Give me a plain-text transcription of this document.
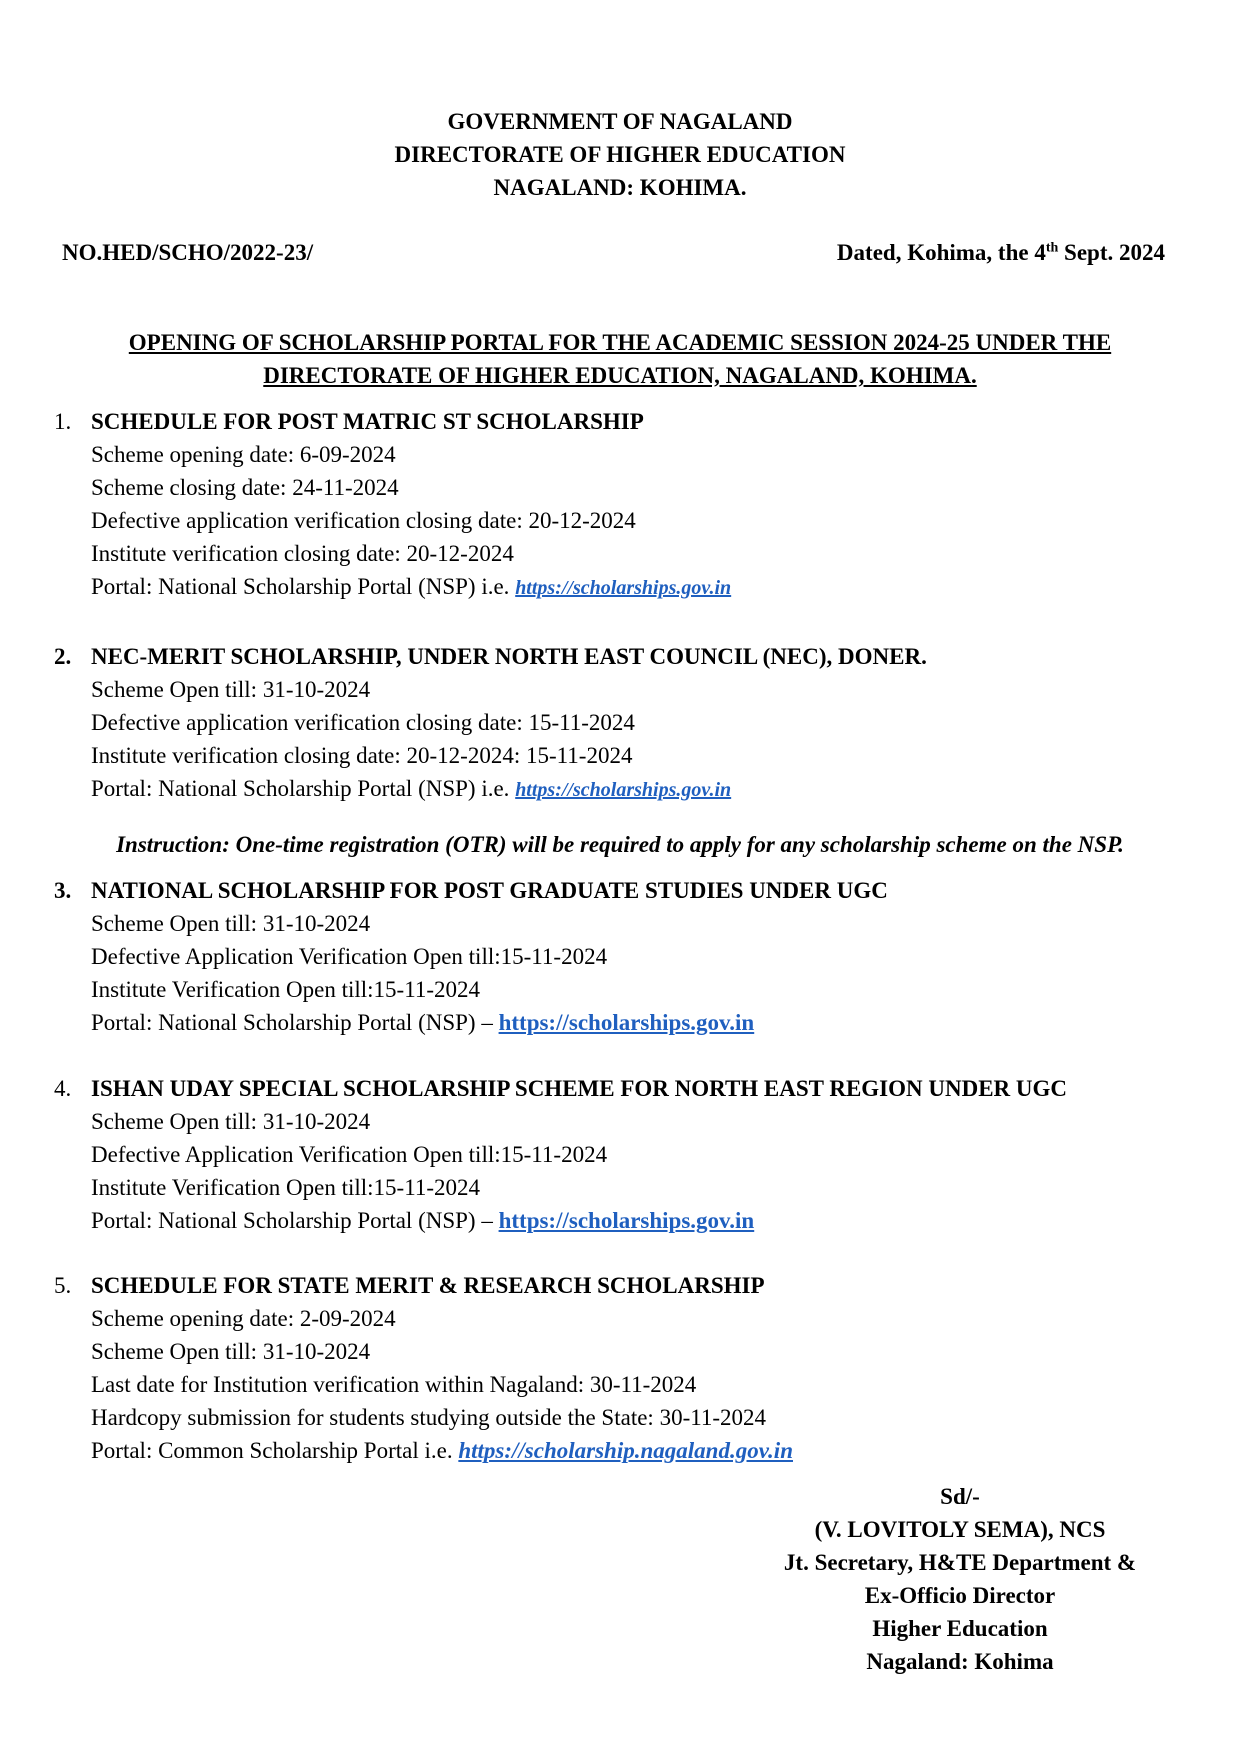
GOVERNMENT OF NAGALAND
DIRECTORATE OF HIGHER EDUCATION
NAGALAND: KOHIMA.
NO.HED/SCHO/2022-23/	Dated, Kohima, the 4th Sept. 2024
OPENING OF SCHOLARSHIP PORTAL FOR THE ACADEMIC SESSION 2024-25 UNDER THE
DIRECTORATE OF HIGHER EDUCATION, NAGALAND, KOHIMA.
1. SCHEDULE FOR POST MATRIC ST SCHOLARSHIP
Scheme opening date: 6-09-2024
Scheme closing date: 24-11-2024
Defective application verification closing date: 20-12-2024
Institute verification closing date: 20-12-2024
Portal: National Scholarship Portal (NSP) i.e. https://scholarships.gov.in
2. NEC-MERIT SCHOLARSHIP, UNDER NORTH EAST COUNCIL (NEC), DONER.
Scheme Open till: 31-10-2024
Defective application verification closing date: 15-11-2024
Institute verification closing date: 20-12-2024: 15-11-2024
Portal: National Scholarship Portal (NSP) i.e. https://scholarships.gov.in
Instruction: One-time registration (OTR) will be required to apply for any scholarship scheme on the NSP.
3. NATIONAL SCHOLARSHIP FOR POST GRADUATE STUDIES UNDER UGC
Scheme Open till: 31-10-2024
Defective Application Verification Open till:15-11-2024
Institute Verification Open till:15-11-2024
Portal: National Scholarship Portal (NSP) – https://scholarships.gov.in
4. ISHAN UDAY SPECIAL SCHOLARSHIP SCHEME FOR NORTH EAST REGION UNDER UGC
Scheme Open till: 31-10-2024
Defective Application Verification Open till:15-11-2024
Institute Verification Open till:15-11-2024
Portal: National Scholarship Portal (NSP) – https://scholarships.gov.in
5. SCHEDULE FOR STATE MERIT & RESEARCH SCHOLARSHIP
Scheme opening date: 2-09-2024
Scheme Open till: 31-10-2024
Last date for Institution verification within Nagaland: 30-11-2024
Hardcopy submission for students studying outside the State: 30-11-2024
Portal: Common Scholarship Portal i.e. https://scholarship.nagaland.gov.in
Sd/-
(V. LOVITOLY SEMA), NCS
Jt. Secretary, H&TE Department &
Ex-Officio Director
Higher Education
Nagaland: Kohima
